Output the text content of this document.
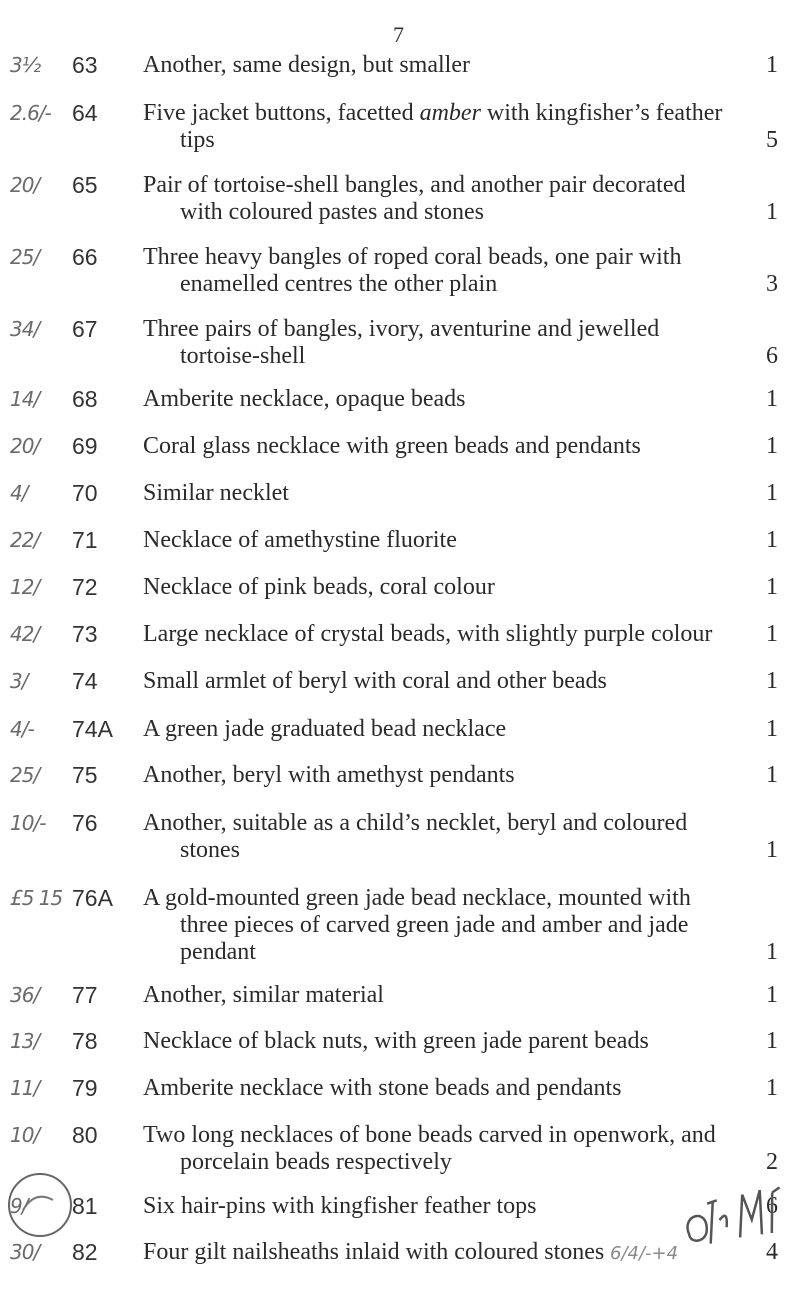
7
3½	63	Another, same design, but smaller	1
2.6/- 64	Five jacket buttons, facetted amber with kingfisher’s feather
tips	5
20/	65	Pair of tortoise-shell bangles, and another pair decorated
with coloured pastes and stones	1
25/	66	Three heavy bangles of roped coral beads, one pair with
enamelled centres the other plain	3
34/	67	Three pairs of bangles, ivory, aventurine and jewelled
tortoise-shell	6
14/	68	Amberite necklace, opaque beads	1
20/	69	Coral glass necklace with green beads and pendants	1
4/	70	Similar necklet	1
22/	71	Necklace of amethystine fluorite	1
12/	72	Necklace of pink beads, coral colour	1
42/	73	Large necklace of crystal beads, with slightly purple colour	1
3/	74	Small armlet of beryl with coral and other beads	1
4/-	74A	A green jade graduated bead necklace	1
25/	75	Another, beryl with amethyst pendants	1
10/-	76	Another, suitable as a child’s necklet, beryl and coloured
stones	1
£5 15 76A	A gold-mounted green jade bead necklace, mounted with
three pieces of carved green jade and amber and jade
pendant	1
36/	77	Another, similar material	1
13/	78	Necklace of black nuts, with green jade parent beads	1
11/	79	Amberite necklace with stone beads and pendants	1
10/	80	Two long necklaces of bone beads carved in openwork, and
porcelain beads respectively	2
9/	81	Six hair-pins with kingfisher feather tops	6
30/	82	Four gilt nailsheaths inlaid with coloured stones 6/4/-+4	4
